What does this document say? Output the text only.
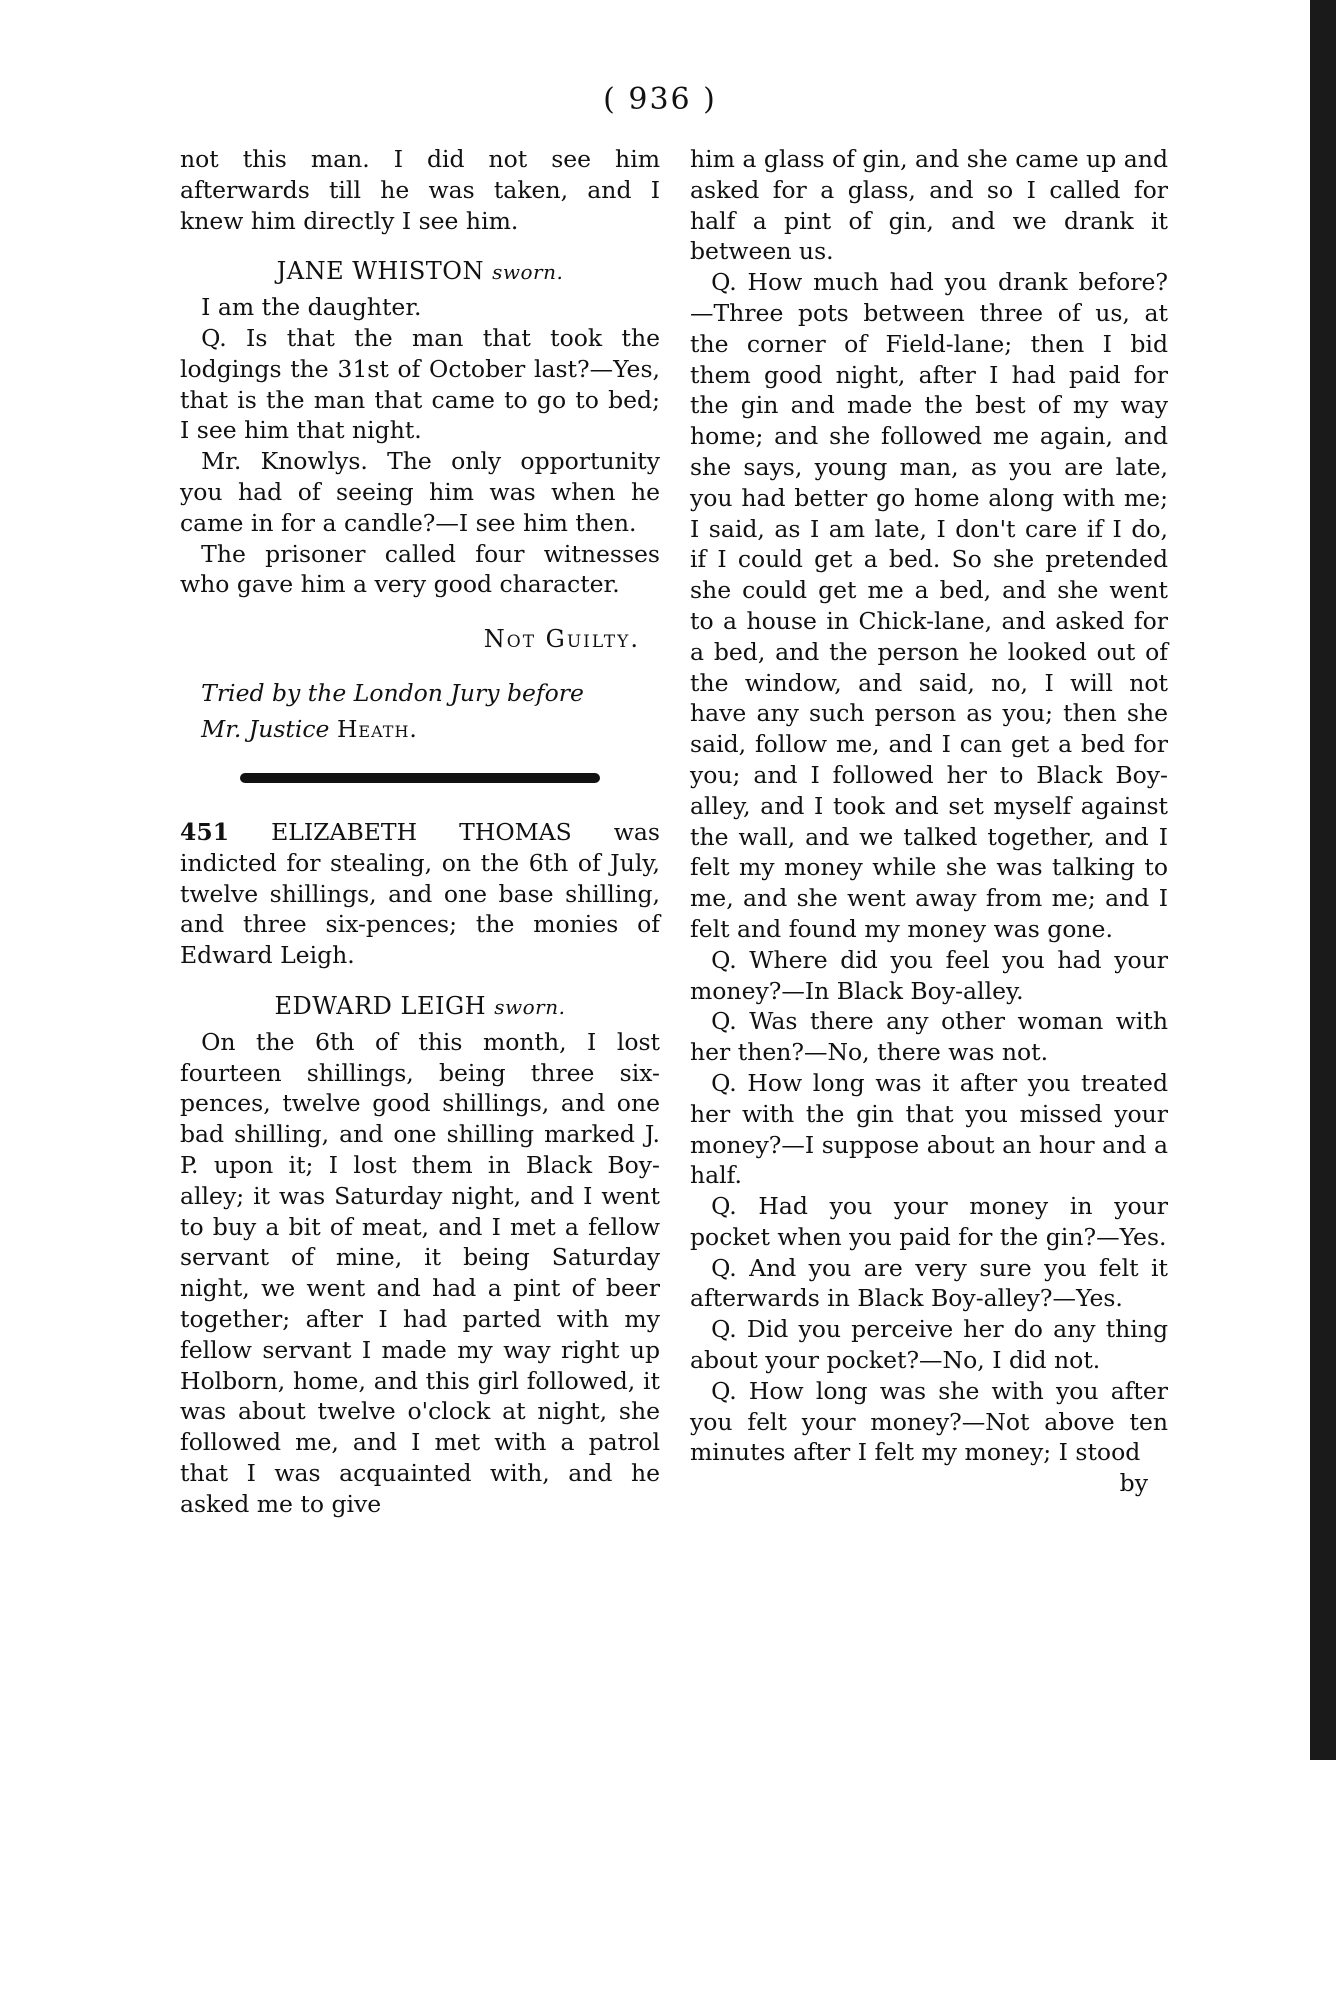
( 936 )

not this man. I did not see him afterwards till he was taken, and I knew him directly I see him.

JANE WHISTON sworn.

I am the daughter.

Q. Is that the man that took the lodgings the 31st of October last?—Yes, that is the man that came to go to bed; I see him that night.

Mr. Knowlys. The only opportunity you had of seeing him was when he came in for a candle?—I see him then.

The prisoner called four witnesses who gave him a very good character.

Not Guilty.

Tried by the London Jury before

Mr. Justice Heath.

451 ELIZABETH THOMAS was indicted for stealing, on the 6th of July, twelve shillings, and one base shilling, and three six-pences; the monies of Edward Leigh.

EDWARD LEIGH sworn.

On the 6th of this month, I lost fourteen shillings, being three six-pences, twelve good shillings, and one bad shilling, and one shilling marked J. P. upon it; I lost them in Black Boy-alley; it was Saturday night, and I went to buy a bit of meat, and I met a fellow servant of mine, it being Saturday night, we went and had a pint of beer together; after I had parted with my fellow servant I made my way right up Holborn, home, and this girl followed, it was about twelve o'clock at night, she followed me, and I met with a patrol that I was acquainted with, and he asked me to give

him a glass of gin, and she came up and asked for a glass, and so I called for half a pint of gin, and we drank it between us.

Q. How much had you drank before?—Three pots between three of us, at the corner of Field-lane; then I bid them good night, after I had paid for the gin and made the best of my way home; and she followed me again, and she says, young man, as you are late, you had better go home along with me; I said, as I am late, I don't care if I do, if I could get a bed. So she pretended she could get me a bed, and she went to a house in Chick-lane, and asked for a bed, and the person he looked out of the window, and said, no, I will not have any such person as you; then she said, follow me, and I can get a bed for you; and I followed her to Black Boy-alley, and I took and set myself against the wall, and we talked together, and I felt my money while she was talking to me, and she went away from me; and I felt and found my money was gone.

Q. Where did you feel you had your money?—In Black Boy-alley.

Q. Was there any other woman with her then?—No, there was not.

Q. How long was it after you treated her with the gin that you missed your money?—I suppose about an hour and a half.

Q. Had you your money in your pocket when you paid for the gin?—Yes.

Q. And you are very sure you felt it afterwards in Black Boy-alley?—Yes.

Q. Did you perceive her do any thing about your pocket?—No, I did not.

Q. How long was she with you after you felt your money?—Not above ten minutes after I felt my money; I stood

by
